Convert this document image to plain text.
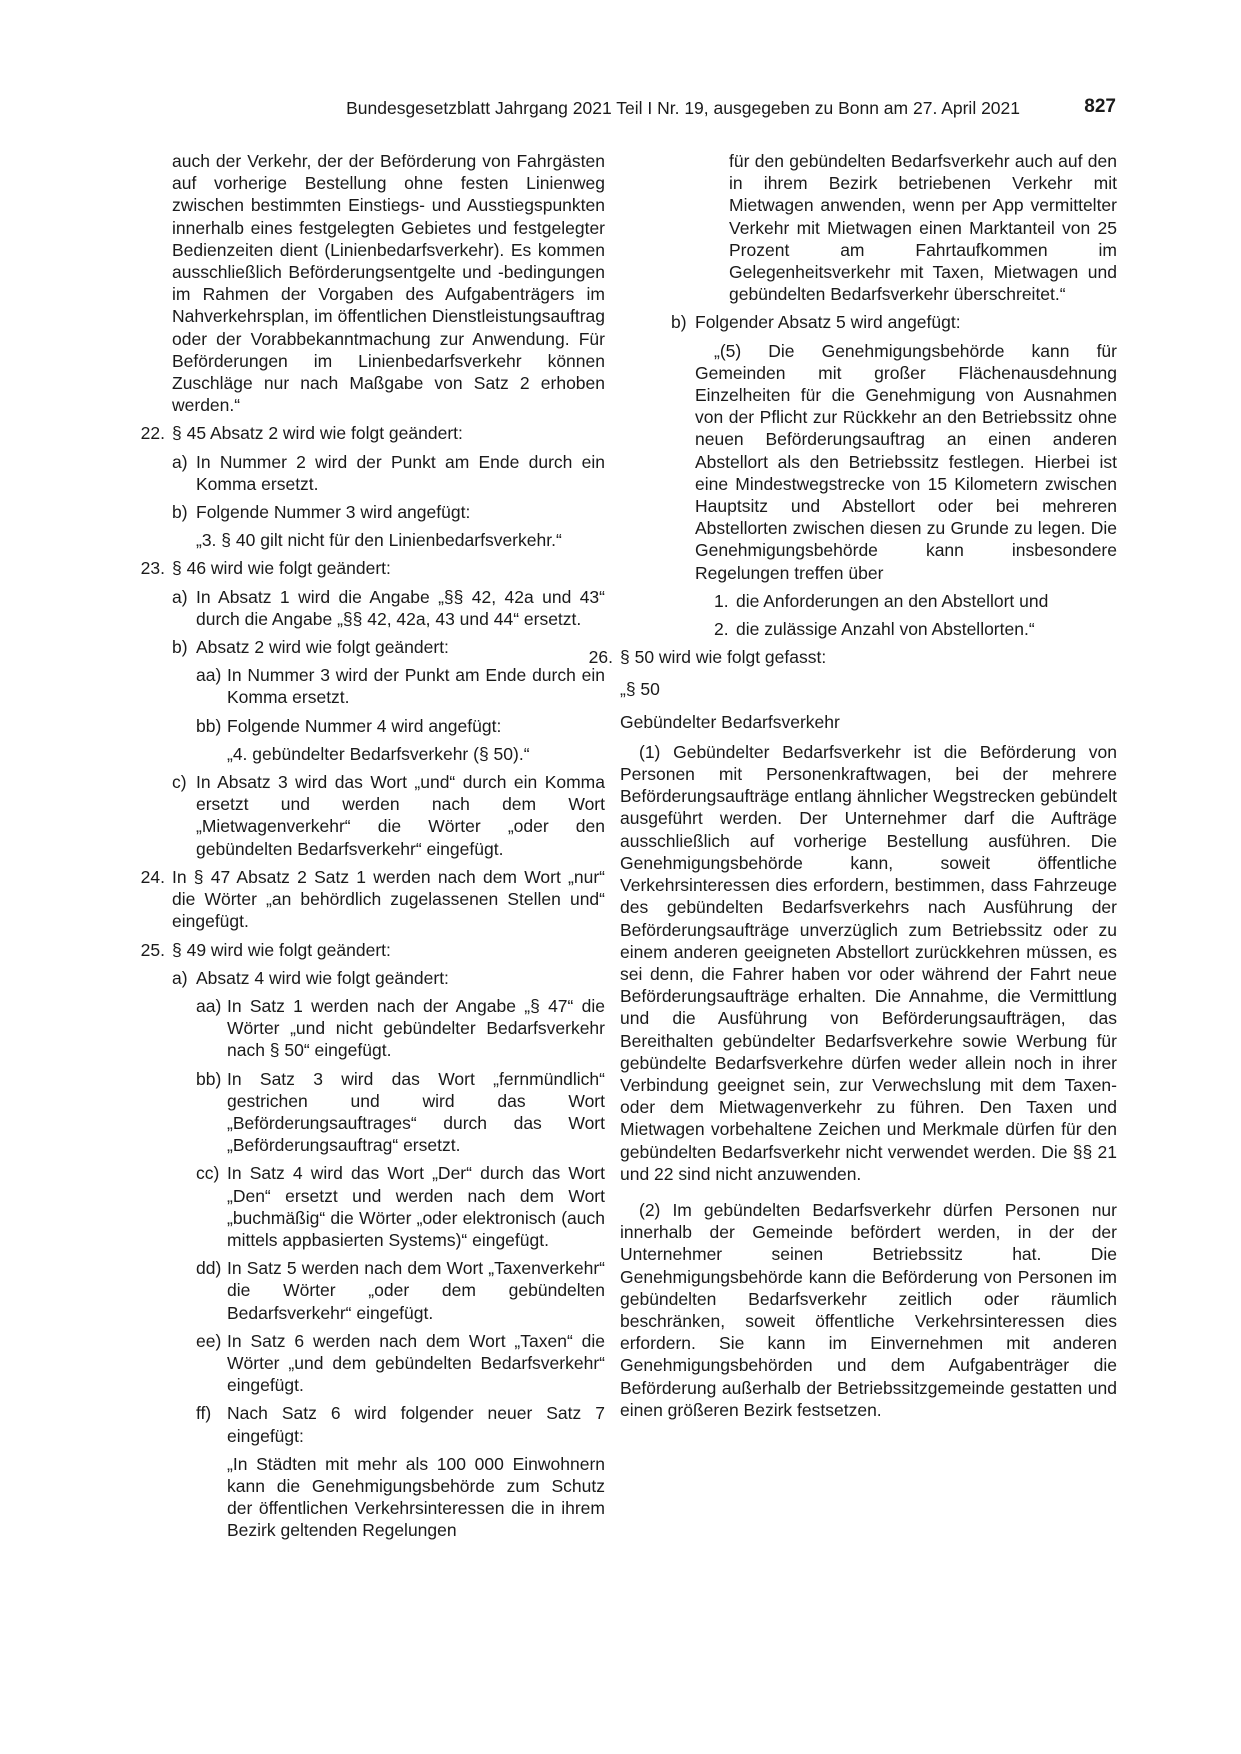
Bundesgesetzblatt Jahrgang 2021 Teil I Nr. 19, ausgegeben zu Bonn am 27. April 2021	827
auch der Verkehr, der der Beförderung von Fahrgästen auf vorherige Bestellung ohne festen Linienweg zwischen bestimmten Einstiegs- und Ausstiegspunkten innerhalb eines festgelegten Gebietes und festgelegter Bedienzeiten dient (Linienbedarfsverkehr). Es kommen ausschließlich Beförderungsentgelte und -bedingungen im Rahmen der Vorgaben des Aufgabenträgers im Nahverkehrsplan, im öffentlichen Dienstleistungsauftrag oder der Vorabbekanntmachung zur Anwendung. Für Beförderungen im Linienbedarfsverkehr können Zuschläge nur nach Maßgabe von Satz 2 erhoben werden.“
22. § 45 Absatz 2 wird wie folgt geändert:
a) In Nummer 2 wird der Punkt am Ende durch ein Komma ersetzt.
b) Folgende Nummer 3 wird angefügt:
„3. § 40 gilt nicht für den Linienbedarfsverkehr.“
23. § 46 wird wie folgt geändert:
a) In Absatz 1 wird die Angabe „§§ 42, 42a und 43“ durch die Angabe „§§ 42, 42a, 43 und 44“ ersetzt.
b) Absatz 2 wird wie folgt geändert:
aa) In Nummer 3 wird der Punkt am Ende durch ein Komma ersetzt.
bb) Folgende Nummer 4 wird angefügt:
„4. gebündelter Bedarfsverkehr (§ 50).“
c) In Absatz 3 wird das Wort „und“ durch ein Komma ersetzt und werden nach dem Wort „Mietwagenverkehr“ die Wörter „oder den gebündelten Bedarfsverkehr“ eingefügt.
24. In § 47 Absatz 2 Satz 1 werden nach dem Wort „nur“ die Wörter „an behördlich zugelassenen Stellen und“ eingefügt.
25. § 49 wird wie folgt geändert:
a) Absatz 4 wird wie folgt geändert:
aa) In Satz 1 werden nach der Angabe „§ 47“ die Wörter „und nicht gebündelter Bedarfsverkehr nach § 50“ eingefügt.
bb) In Satz 3 wird das Wort „fernmündlich“ gestrichen und wird das Wort „Beförderungsauftrages“ durch das Wort „Beförderungsauftrag“ ersetzt.
cc) In Satz 4 wird das Wort „Der“ durch das Wort „Den“ ersetzt und werden nach dem Wort „buchmäßig“ die Wörter „oder elektronisch (auch mittels appbasierten Systems)“ eingefügt.
dd) In Satz 5 werden nach dem Wort „Taxenverkehr“ die Wörter „oder dem gebündelten Bedarfsverkehr“ eingefügt.
ee) In Satz 6 werden nach dem Wort „Taxen“ die Wörter „und dem gebündelten Bedarfsverkehr“ eingefügt.
ff) Nach Satz 6 wird folgender neuer Satz 7 eingefügt:
„In Städten mit mehr als 100 000 Einwohnern kann die Genehmigungsbehörde zum Schutz der öffentlichen Verkehrsinteressen die in ihrem Bezirk geltenden Regelungen
für den gebündelten Bedarfsverkehr auch auf den in ihrem Bezirk betriebenen Verkehr mit Mietwagen anwenden, wenn per App vermittelter Verkehr mit Mietwagen einen Marktanteil von 25 Prozent am Fahrtaufkommen im Gelegenheitsverkehr mit Taxen, Mietwagen und gebündelten Bedarfsverkehr überschreitet.“
b) Folgender Absatz 5 wird angefügt:
„(5) Die Genehmigungsbehörde kann für Gemeinden mit großer Flächenausdehnung Einzelheiten für die Genehmigung von Ausnahmen von der Pflicht zur Rückkehr an den Betriebssitz ohne neuen Beförderungsauftrag an einen anderen Abstellort als den Betriebssitz festlegen. Hierbei ist eine Mindestwegstrecke von 15 Kilometern zwischen Hauptsitz und Abstellort oder bei mehreren Abstellorten zwischen diesen zu Grunde zu legen. Die Genehmigungsbehörde kann insbesondere Regelungen treffen über
1. die Anforderungen an den Abstellort und
2. die zulässige Anzahl von Abstellorten.“
26. § 50 wird wie folgt gefasst:
„§ 50
Gebündelter Bedarfsverkehr
(1) Gebündelter Bedarfsverkehr ist die Beförderung von Personen mit Personenkraftwagen, bei der mehrere Beförderungsaufträge entlang ähnlicher Wegstrecken gebündelt ausgeführt werden. Der Unternehmer darf die Aufträge ausschließlich auf vorherige Bestellung ausführen. Die Genehmigungsbehörde kann, soweit öffentliche Verkehrsinteressen dies erfordern, bestimmen, dass Fahrzeuge des gebündelten Bedarfsverkehrs nach Ausführung der Beförderungsaufträge unverzüglich zum Betriebssitz oder zu einem anderen geeigneten Abstellort zurückkehren müssen, es sei denn, die Fahrer haben vor oder während der Fahrt neue Beförderungsaufträge erhalten. Die Annahme, die Vermittlung und die Ausführung von Beförderungsaufträgen, das Bereithalten gebündelter Bedarfsverkehre sowie Werbung für gebündelte Bedarfsverkehre dürfen weder allein noch in ihrer Verbindung geeignet sein, zur Verwechslung mit dem Taxen- oder dem Mietwagenverkehr zu führen. Den Taxen und Mietwagen vorbehaltene Zeichen und Merkmale dürfen für den gebündelten Bedarfsverkehr nicht verwendet werden. Die §§ 21 und 22 sind nicht anzuwenden.
(2) Im gebündelten Bedarfsverkehr dürfen Personen nur innerhalb der Gemeinde befördert werden, in der der Unternehmer seinen Betriebssitz hat. Die Genehmigungsbehörde kann die Beförderung von Personen im gebündelten Bedarfsverkehr zeitlich oder räumlich beschränken, soweit öffentliche Verkehrsinteressen dies erfordern. Sie kann im Einvernehmen mit anderen Genehmigungsbehörden und dem Aufgabenträger die Beförderung außerhalb der Betriebssitzgemeinde gestatten und einen größeren Bezirk festsetzen.
